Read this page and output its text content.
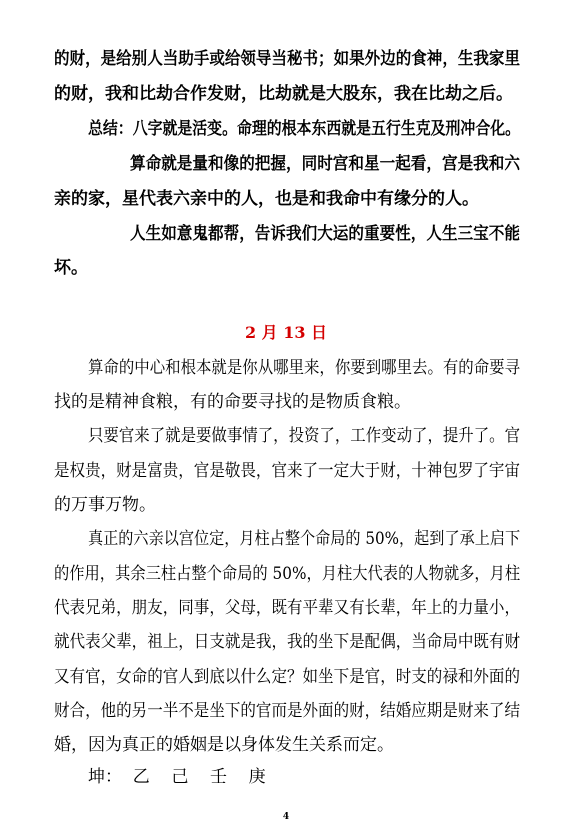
的财，是给别人当助手或给领导当秘书；如果外边的食神，生我家里
的财，我和比劫合作发财，比劫就是大股东，我在比劫之后。
总结：八字就是活变。命理的根本东西就是五行生克及刑冲合化。
算命就是量和像的把握，同时宫和星一起看，宫是我和六
亲的家，星代表六亲中的人，也是和我命中有缘分的人。
人生如意鬼都帮，告诉我们大运的重要性，人生三宝不能
坏。
2 月 13 日
算命的中心和根本就是你从哪里来，你要到哪里去。有的命要寻
找的是精神食粮，有的命要寻找的是物质食粮。
只要官来了就是要做事情了，投资了，工作变动了，提升了。官
是权贵，财是富贵，官是敬畏，官来了一定大于财，十神包罗了宇宙
的万事万物。
真正的六亲以宫位定，月柱占整个命局的 50%，起到了承上启下
的作用，其余三柱占整个命局的 50%，月柱大代表的人物就多，月柱
代表兄弟，朋友，同事，父母，既有平辈又有长辈，年上的力量小，
就代表父辈，祖上，日支就是我，我的坐下是配偶，当命局中既有财
又有官，女命的官人到底以什么定？如坐下是官，时支的禄和外面的
财合，他的另一半不是坐下的官而是外面的财，结婚应期是财来了结
婚，因为真正的婚姻是以身体发生关系而定。
坤：  乙    己    壬    庚
4
